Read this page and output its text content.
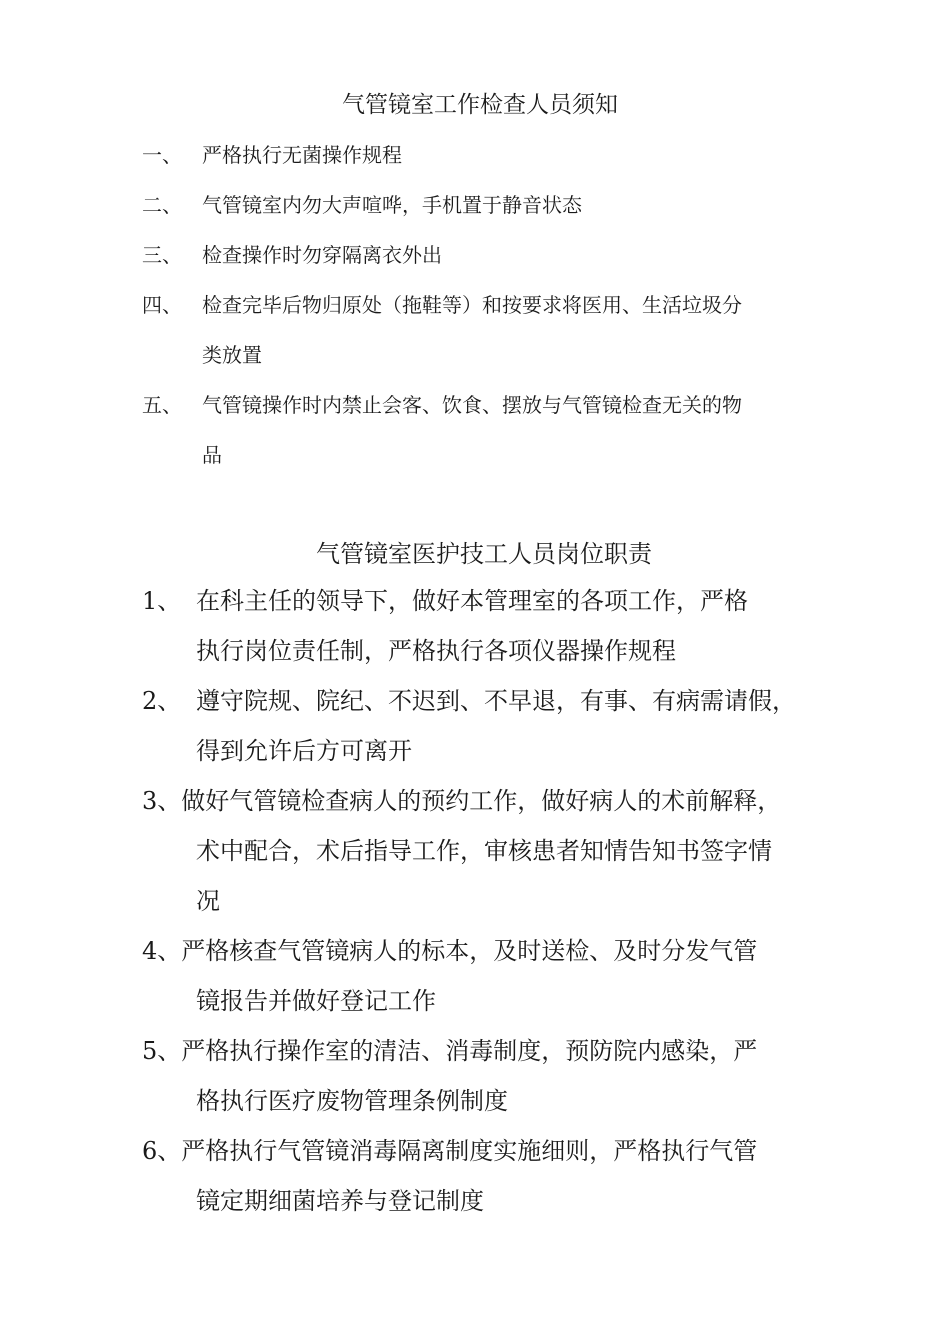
气管镜室工作检查人员须知
一、 严格执行无菌操作规程
二、 气管镜室内勿大声喧哗，手机置于静音状态
三、 检查操作时勿穿隔离衣外出
四、 检查完毕后物归原处（拖鞋等）和按要求将医用、生活垃圾分
类放置
五、 气管镜操作时内禁止会客、饮食、摆放与气管镜检查无关的物
品
气管镜室医护技工人员岗位职责
1、 在科主任的领导下，做好本管理室的各项工作，严格
执行岗位责任制，严格执行各项仪器操作规程
2、 遵守院规、院纪、不迟到、不早退，有事、有病需请假，
得到允许后方可离开
3、做好气管镜检查病人的预约工作，做好病人的术前解释，
术中配合，术后指导工作，审核患者知情告知书签字情
况
4、严格核查气管镜病人的标本，及时送检、及时分发气管
镜报告并做好登记工作
5、严格执行操作室的清洁、消毒制度，预防院内感染，严
格执行医疗废物管理条例制度
6、严格执行气管镜消毒隔离制度实施细则，严格执行气管
镜定期细菌培养与登记制度
